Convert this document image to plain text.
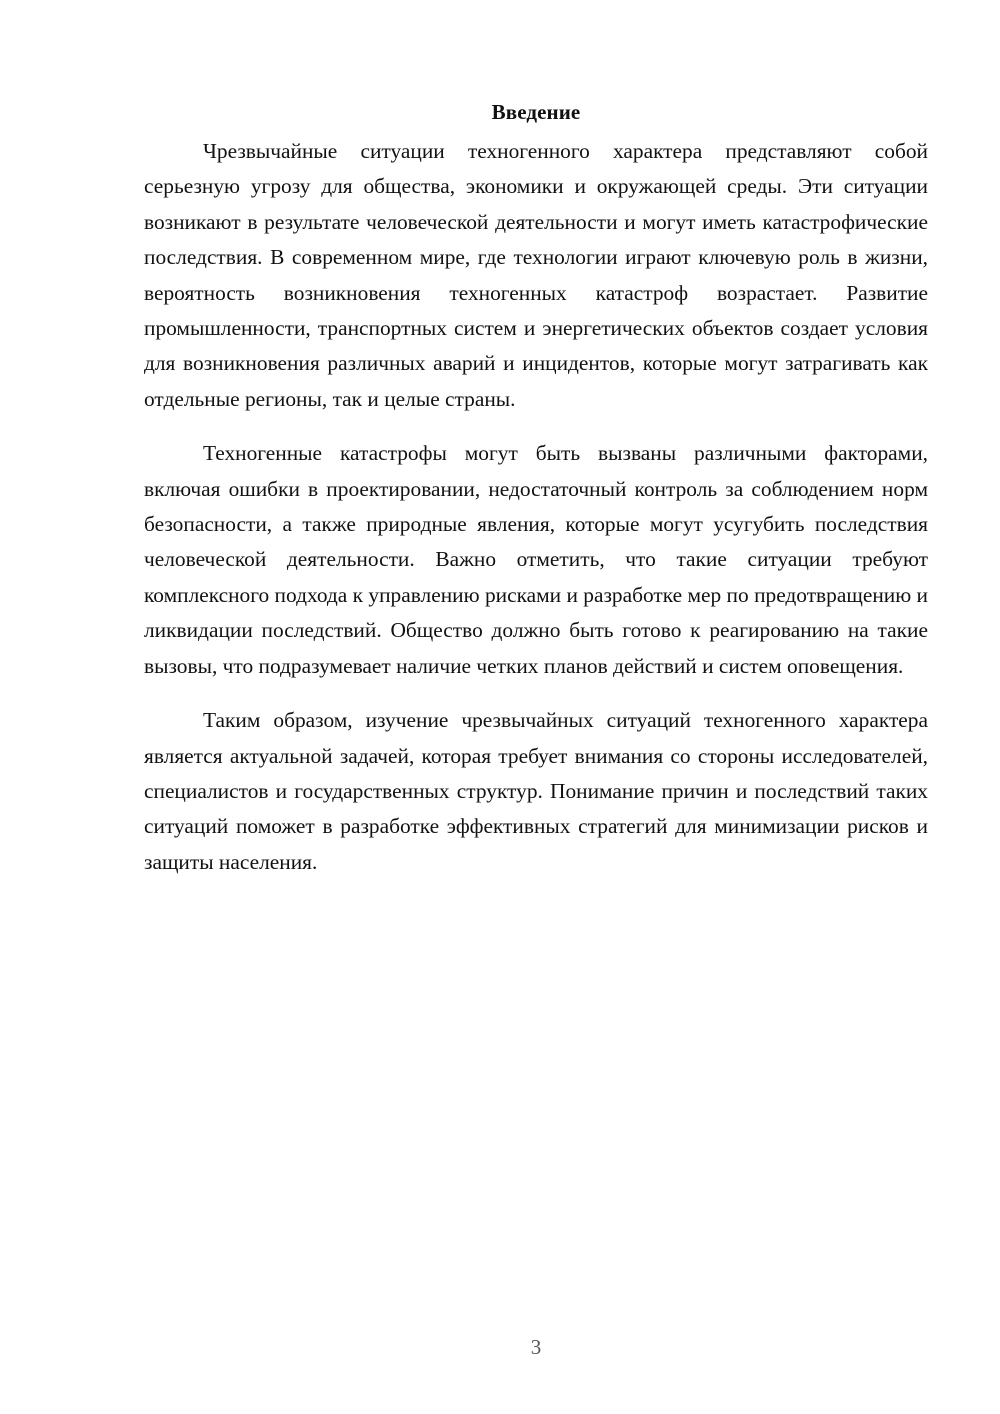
Введение

Чрезвычайные ситуации техногенного характера представляют собой серьезную угрозу для общества, экономики и окружающей среды. Эти ситуации возникают в результате человеческой деятельности и могут иметь катастрофические последствия. В современном мире, где технологии играют ключевую роль в жизни, вероятность возникновения техногенных катастроф возрастает. Развитие промышленности, транспортных систем и энергетических объектов создает условия для возникновения различных аварий и инцидентов, которые могут затрагивать как отдельные регионы, так и целые страны.

Техногенные катастрофы могут быть вызваны различными факторами, включая ошибки в проектировании, недостаточный контроль за соблюдением норм безопасности, а также природные явления, которые могут усугубить последствия человеческой деятельности. Важно отметить, что такие ситуации требуют комплексного подхода к управлению рисками и разработке мер по предотвращению и ликвидации последствий. Общество должно быть готово к реагированию на такие вызовы, что подразумевает наличие четких планов действий и систем оповещения.

Таким образом, изучение чрезвычайных ситуаций техногенного характера является актуальной задачей, которая требует внимания со стороны исследователей, специалистов и государственных структур. Понимание причин и последствий таких ситуаций поможет в разработке эффективных стратегий для минимизации рисков и защиты населения.

3
